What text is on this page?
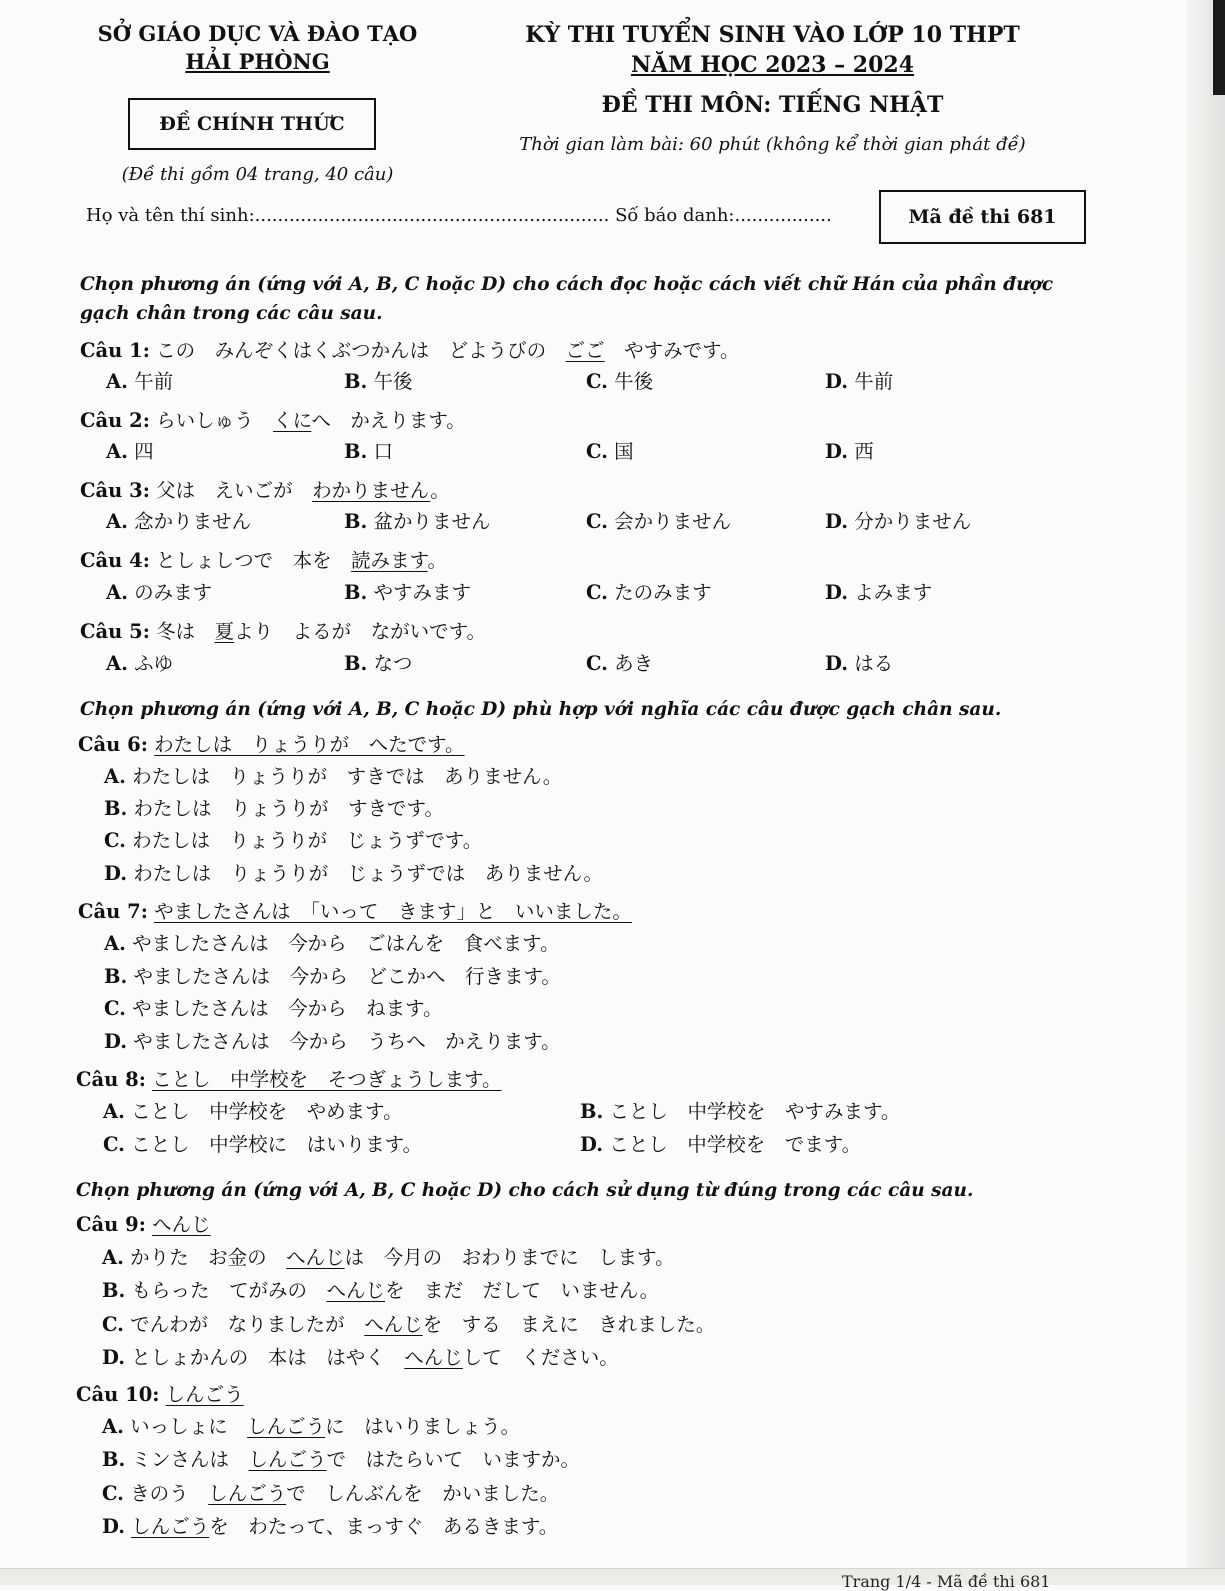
SỞ GIÁO DỤC VÀ ĐÀO TẠO
HẢI PHÒNG
ĐỀ CHÍNH THỨC
(Đề thi gồm 04 trang, 40 câu)
KỲ THI TUYỂN SINH VÀO LỚP 10 THPT
NĂM HỌC 2023 – 2024
ĐỀ THI MÔN: TIẾNG NHẬT
Thời gian làm bài: 60 phút (không kể thời gian phát đề)
Họ và tên thí sinh:.............................................................. Số báo danh:.................	Mã đề thi 681
Chọn phương án (ứng với A, B, C hoặc D) cho cách đọc hoặc cách viết chữ Hán của phần được gạch chân trong các câu sau.
Câu 1: この　みんぞくはくぶつかんは　どようびの　ごご　やすみです。
A. 午前	B. 午後	C. 牛後	D. 牛前
Câu 2: らいしゅう　くにへ　かえります。
A. 四	B. 口	C. 国	D. 西
Câu 3: 父は　えいごが　わかりません。
A. 念かりません	B. 盆かりません	C. 会かりません	D. 分かりません
Câu 4: としょしつで　本を　読みます。
A. のみます	B. やすみます	C. たのみます	D. よみます
Câu 5: 冬は　夏より　よるが　ながいです。
A. ふゆ	B. なつ	C. あき	D. はる
Chọn phương án (ứng với A, B, C hoặc D) phù hợp với nghĩa các câu được gạch chân sau.
Câu 6: わたしは　りょうりが　へたです。
A. わたしは　りょうりが　すきでは　ありません。
B. わたしは　りょうりが　すきです。
C. わたしは　りょうりが　じょうずです。
D. わたしは　りょうりが　じょうずでは　ありません。
Câu 7: やましたさんは　「いって　きます」と　いいました。
A. やましたさんは　今から　ごはんを　食べます。
B. やましたさんは　今から　どこかへ　行きます。
C. やましたさんは　今から　ねます。
D. やましたさんは　今から　うちへ　かえります。
Câu 8: ことし　中学校を　そつぎょうします。
A. ことし　中学校を　やめます。	B. ことし　中学校を　やすみます。
C. ことし　中学校に　はいります。	D. ことし　中学校を　でます。
Chọn phương án (ứng với A, B, C hoặc D) cho cách sử dụng từ đúng trong các câu sau.
Câu 9: へんじ
A. かりた　お金の　へんじは　今月の　おわりまでに　します。
B. もらった　てがみの　へんじを　まだ　だして　いません。
C. でんわが　なりましたが　へんじを　する　まえに　きれました。
D. としょかんの　本は　はやく　へんじして　ください。
Câu 10: しんごう
A. いっしょに　しんごうに　はいりましょう。
B. ミンさんは　しんごうで　はたらいて　いますか。
C. きのう　しんごうで　しんぶんを　かいました。
D. しんごうを　わたって、まっすぐ　あるきます。
Trang 1/4 - Mã đề thi 681
